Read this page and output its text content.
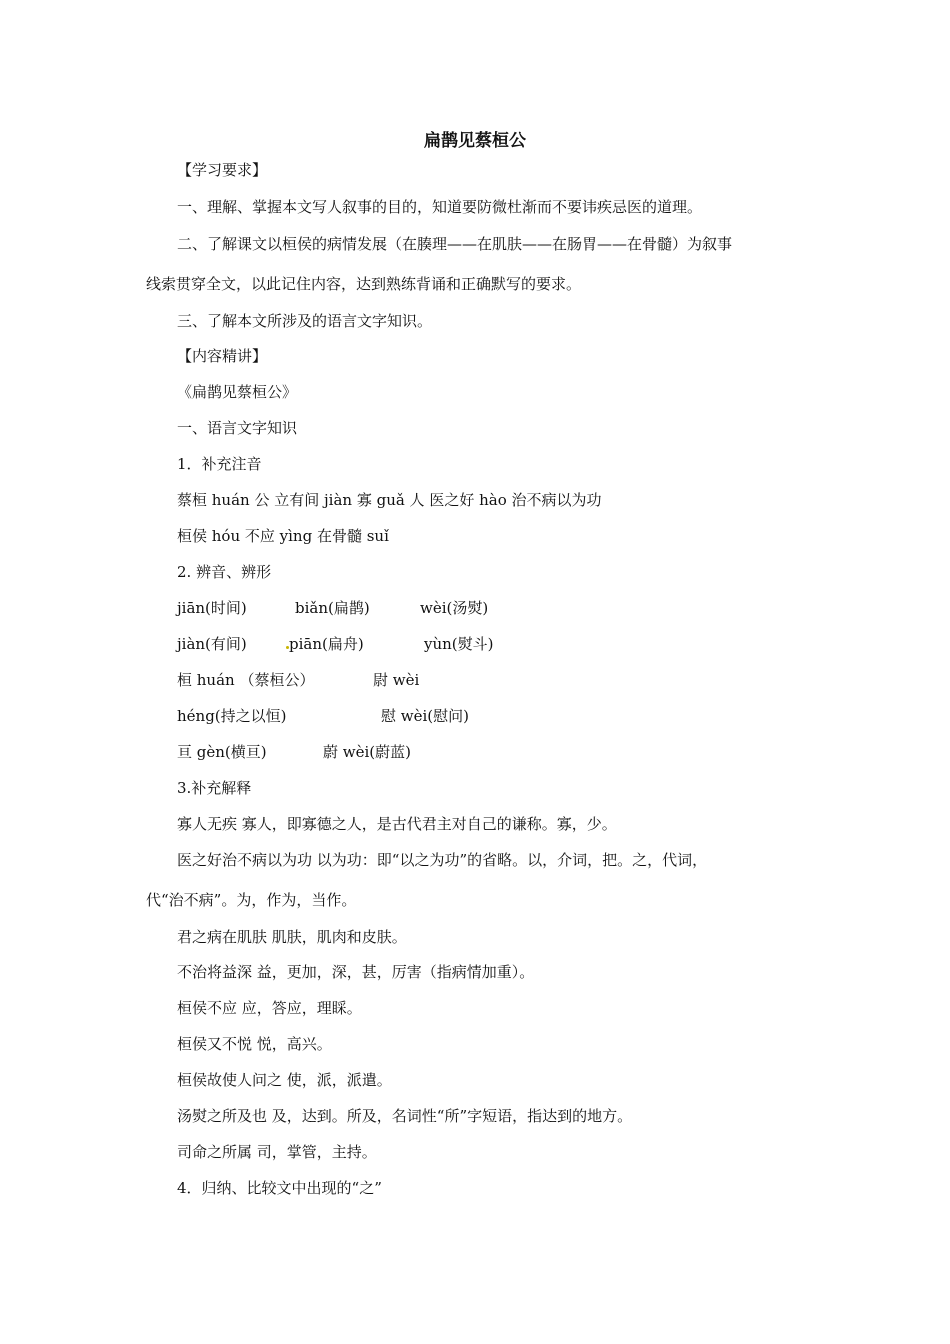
扁鹊见蔡桓公
【学习要求】
一、理解、掌握本文写人叙事的目的，知道要防微杜渐而不要讳疾忌医的道理。
二、了解课文以桓侯的病情发展（在腠理——在肌肤——在肠胃——在骨髓）为叙事
线索贯穿全文，以此记住内容，达到熟练背诵和正确默写的要求。
三、了解本文所涉及的语言文字知识。
【内容精讲】
《扁鹊见蔡桓公》
一、语言文字知识
1．补充注音
蔡桓 huán 公 立有间 jiàn 寡 guǎ 人 医之好 hào 治不病以为功
桓侯 hóu 不应 yìng 在骨髓 suǐ
2. 辨音、辨形
jiān(时间)	biǎn(扁鹊)	wèi(汤熨)
jiàn(有间)	piān(扁舟)	yùn(熨斗)
桓 huán （蔡桓公）	尉 wèi
héng(持之以恒)	慰 wèi(慰问)
亘 gèn(横亘)	蔚 wèi(蔚蓝)
3.补充解释
寡人无疾 寡人，即寡德之人，是古代君主对自己的谦称。寡，少。
医之好治不病以为功 以为功：即“以之为功”的省略。以，介词，把。之，代词，
代“治不病”。为，作为，当作。
君之病在肌肤 肌肤，肌肉和皮肤。
不治将益深 益，更加，深，甚，厉害（指病情加重）。
桓侯不应 应，答应，理睬。
桓侯又不悦 悦，高兴。
桓侯故使人问之 使，派，派遣。
汤熨之所及也 及，达到。所及，名词性“所”字短语，指达到的地方。
司命之所属 司，掌管，主持。
4．归纳、比较文中出现的“之”
